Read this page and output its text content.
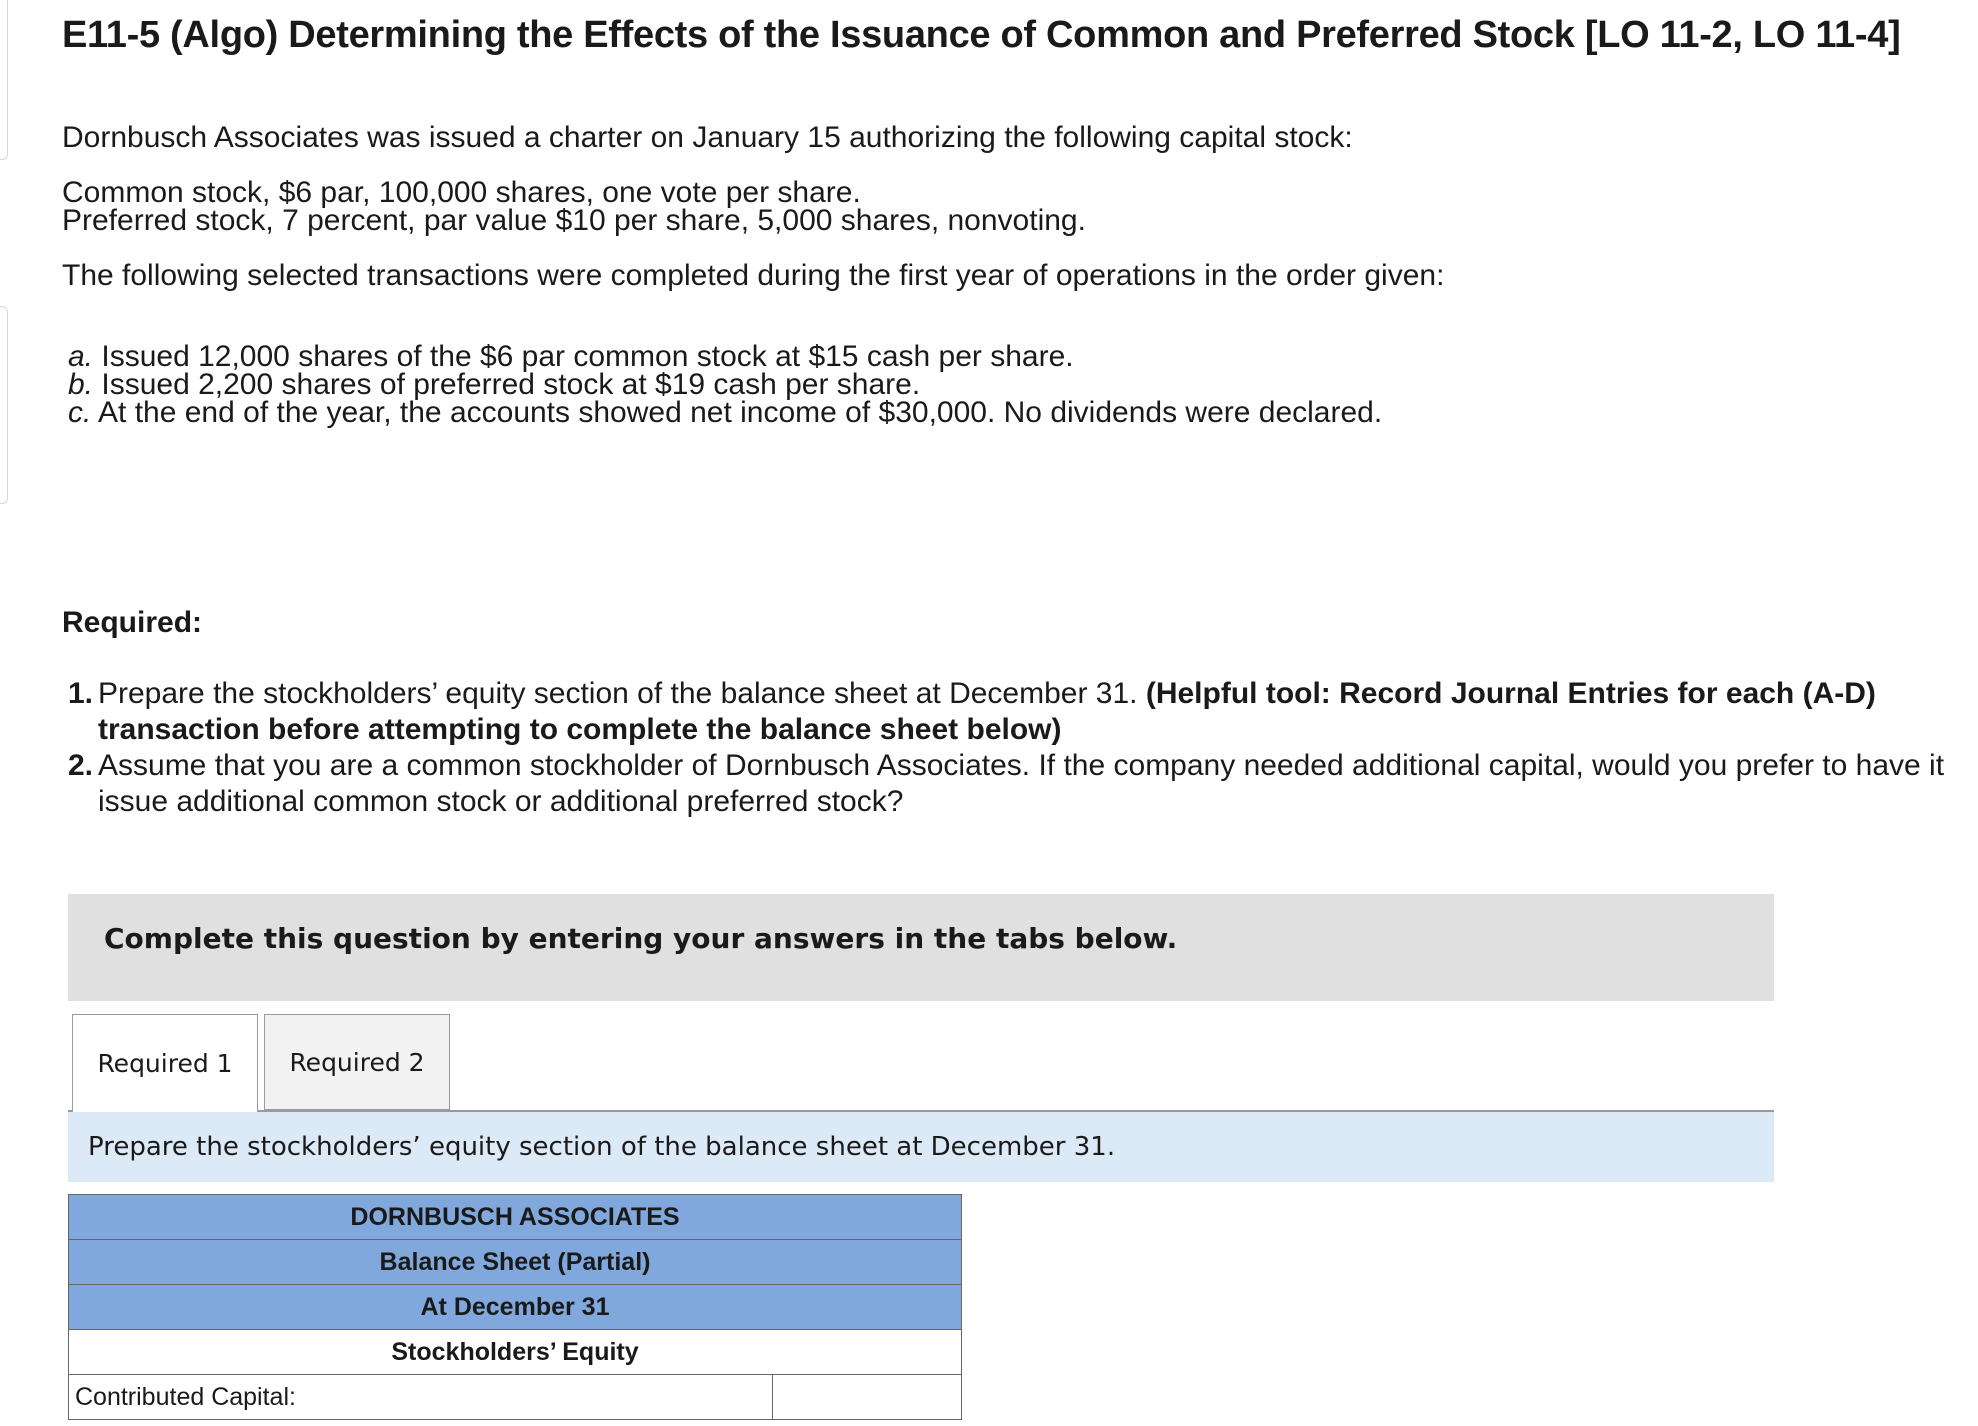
E11-5 (Algo) Determining the Effects of the Issuance of Common and Preferred Stock [LO 11-2, LO 11-4]
Dornbusch Associates was issued a charter on January 15 authorizing the following capital stock:
Common stock, $6 par, 100,000 shares, one vote per share.
Preferred stock, 7 percent, par value $10 per share, 5,000 shares, nonvoting.
The following selected transactions were completed during the first year of operations in the order given:
a. Issued 12,000 shares of the $6 par common stock at $15 cash per share.
b. Issued 2,200 shares of preferred stock at $19 cash per share.
c. At the end of the year, the accounts showed net income of $30,000. No dividends were declared.
Required:
1. Prepare the stockholders’ equity section of the balance sheet at December 31. (Helpful tool: Record Journal Entries for each (A-D) transaction before attempting to complete the balance sheet below)
2. Assume that you are a common stockholder of Dornbusch Associates. If the company needed additional capital, would you prefer to have it issue additional common stock or additional preferred stock?
Complete this question by entering your answers in the tabs below.
Required 1	Required 2
Prepare the stockholders’ equity section of the balance sheet at December 31.
DORNBUSCH ASSOCIATES
Balance Sheet (Partial)
At December 31
Stockholders’ Equity
Contributed Capital:	
